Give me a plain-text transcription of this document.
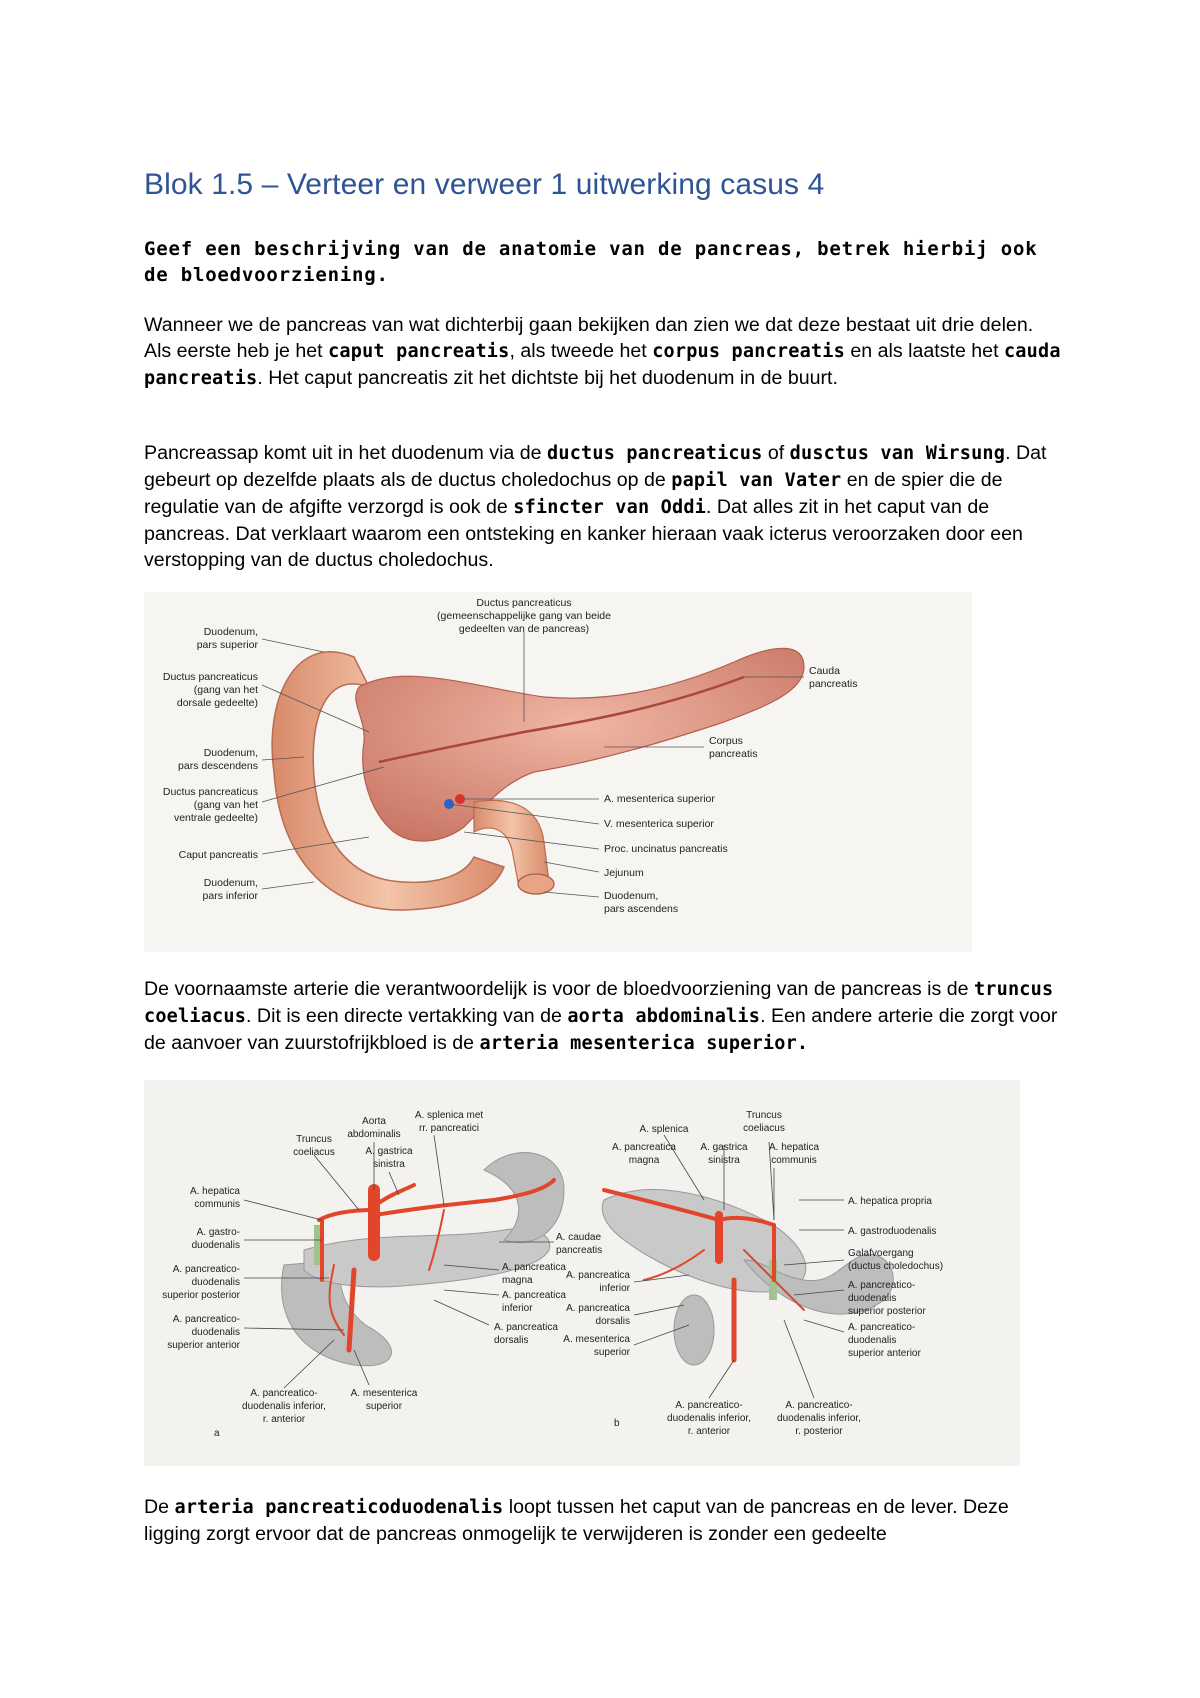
Blok 1.5 – Verteer en verweer 1 uitwerking casus 4

Geef een beschrijving van de anatomie van de pancreas, betrek hierbij ook de bloedvoorziening.

Wanneer we de pancreas van wat dichterbij gaan bekijken dan zien we dat deze bestaat uit drie delen. Als eerste heb je het caput pancreatis, als tweede het corpus pancreatis en als laatste het cauda pancreatis. Het caput pancreatis zit het dichtste bij het duodenum in de buurt.

Pancreassap komt uit in het duodenum via de ductus pancreaticus of dusctus van Wirsung. Dat gebeurt op dezelfde plaats als de ductus choledochus op de papil van Vater en de spier die de regulatie van de afgifte verzorgd is ook de sfincter van Oddi. Dat alles zit in het caput van de pancreas. Dat verklaart waarom een ontsteking en kanker hieraan vaak icterus veroorzaken door een verstopping van de ductus choledochus.

Duodenum, pars superior
Ductus pancreaticus (gang van het dorsale gedeelte)
Duodenum, pars descendens
Ductus pancreaticus (gang van het ventrale gedeelte)
Caput pancreatis
Duodenum, pars inferior
Ductus pancreaticus (gemeenschappelijke gang van beide gedeelten van de pancreas)
Cauda pancreatis
Corpus pancreatis
A. mesenterica superior
V. mesenterica superior
Proc. uncinatus pancreatis
Jejunum
Duodenum, pars ascendens

De voornaamste arterie die verantwoordelijk is voor de bloedvoorziening van de pancreas is de truncus coeliacus. Dit is een directe vertakking van de aorta abdominalis. Een andere arterie die zorgt voor de aanvoer van zuurstofrijkbloed is de arteria mesenterica superior.

Aorta abdominalis
A. splenica met rr. pancreatici
Truncus coeliacus	A. gastrica sinistra
A. hepatica communis
A. gastro-duodenalis
A. pancreatico-duodenalis superior posterior
A. pancreatico-duodenalis superior anterior
A. caudae pancreatis
A. pancreatica magna
A. pancreatica inferior
A. pancreatica dorsalis
A. pancreatico-duodenalis inferior, r. anterior
A. mesenterica superior
a
A. splenica
Truncus coeliacus
A. pancreatica magna
A. gastrica sinistra
A. hepatica communis
A. hepatica propria
A. gastroduodenalis
Galafvoergang (ductus choledochus)
A. pancreatico-duodenalis superior posterior
A. pancreatico-duodenalis superior anterior
A. pancreatica inferior
A. pancreatica dorsalis
A. mesenterica superior
A. pancreatico-duodenalis inferior, r. anterior
A. pancreatico-duodenalis inferior, r. posterior
b

De arteria pancreaticoduodenalis loopt tussen het caput van de pancreas en de lever. Deze ligging zorgt ervoor dat de pancreas onmogelijk te verwijderen is zonder een gedeelte
